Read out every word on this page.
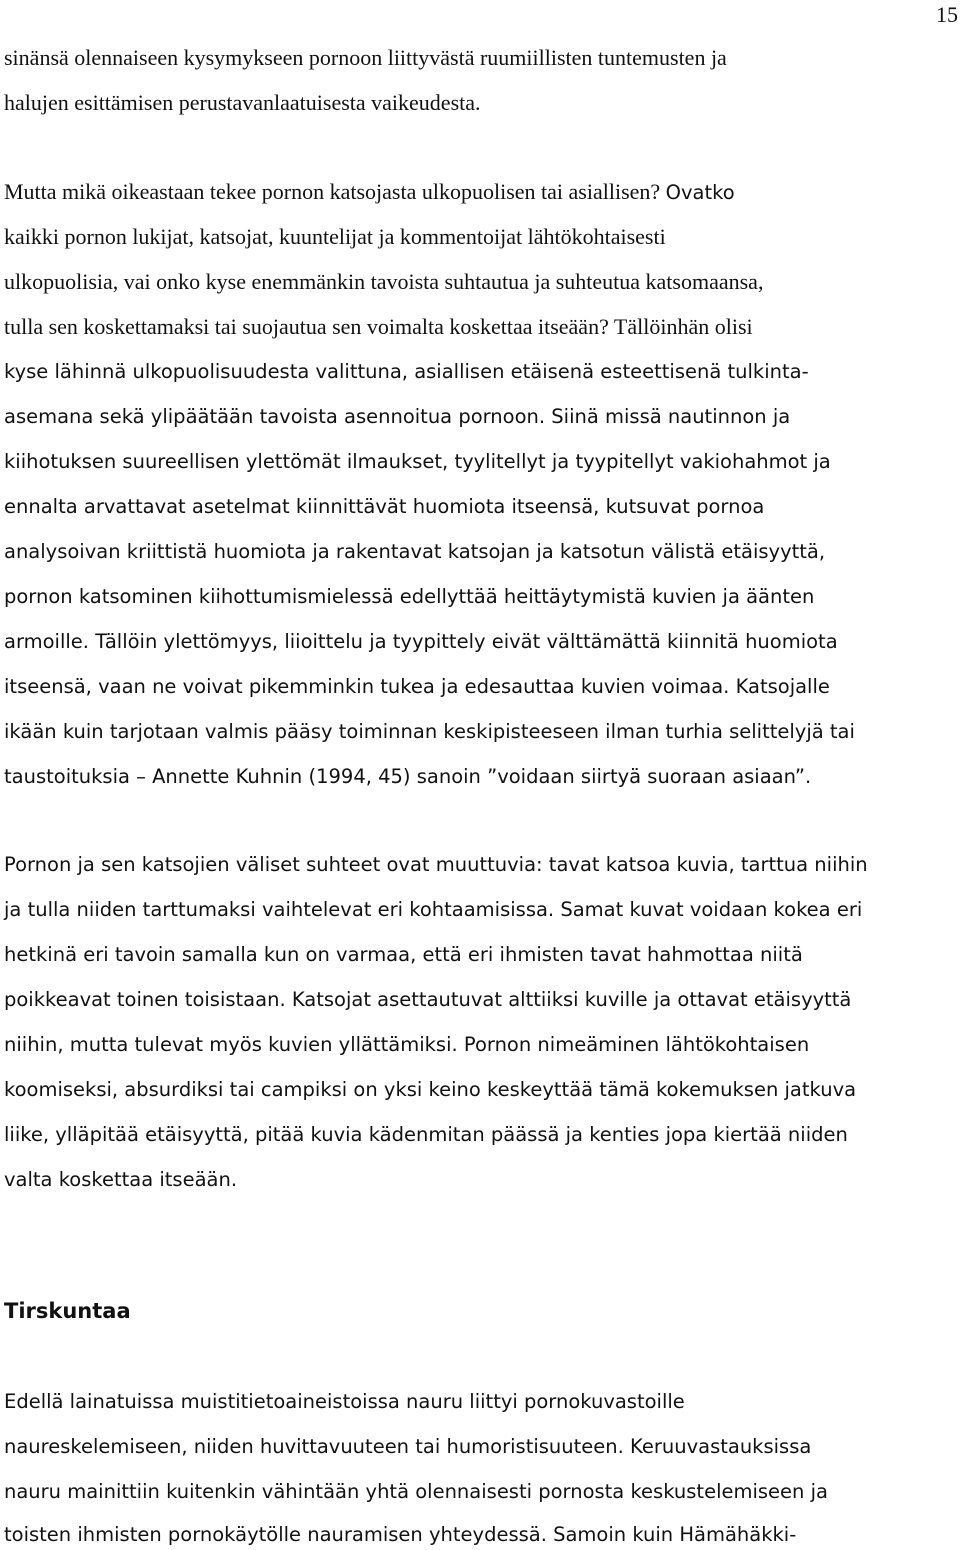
15
sinänsä olennaiseen kysymykseen pornoon liittyvästä ruumiillisten tuntemusten ja
halujen esittämisen perustavanlaatuisesta vaikeudesta.
Mutta mikä oikeastaan tekee pornon katsojasta ulkopuolisen tai asiallisen? Ovatko
kaikki pornon lukijat, katsojat, kuuntelijat ja kommentoijat lähtökohtaisesti
ulkopuolisia, vai onko kyse enemmänkin tavoista suhtautua ja suhteutua katsomaansa,
tulla sen koskettamaksi tai suojautua sen voimalta koskettaa itseään? Tällöinhän olisi
kyse lähinnä ulkopuolisuudesta valittuna, asiallisen etäisenä esteettisenä tulkinta-
asemana sekä ylipäätään tavoista asennoitua pornoon. Siinä missä nautinnon ja
kiihotuksen suureellisen ylettömät ilmaukset, tyylitellyt ja tyypitellyt vakiohahmot ja
ennalta arvattavat asetelmat kiinnittävät huomiota itseensä, kutsuvat pornoa
analysoivan kriittistä huomiota ja rakentavat katsojan ja katsotun välistä etäisyyttä,
pornon katsominen kiihottumismielessä edellyttää heittäytymistä kuvien ja äänten
armoille. Tällöin ylettömyys, liioittelu ja tyypittely eivät välttämättä kiinnitä huomiota
itseensä, vaan ne voivat pikemminkin tukea ja edesauttaa kuvien voimaa. Katsojalle
ikään kuin tarjotaan valmis pääsy toiminnan keskipisteeseen ilman turhia selittelyjä tai
taustoituksia – Annette Kuhnin (1994, 45) sanoin ”voidaan siirtyä suoraan asiaan”.
Pornon ja sen katsojien väliset suhteet ovat muuttuvia: tavat katsoa kuvia, tarttua niihin
ja tulla niiden tarttumaksi vaihtelevat eri kohtaamisissa. Samat kuvat voidaan kokea eri
hetkinä eri tavoin samalla kun on varmaa, että eri ihmisten tavat hahmottaa niitä
poikkeavat toinen toisistaan. Katsojat asettautuvat alttiiksi kuville ja ottavat etäisyyttä
niihin, mutta tulevat myös kuvien yllättämiksi. Pornon nimeäminen lähtökohtaisen
koomiseksi, absurdiksi tai campiksi on yksi keino keskeyttää tämä kokemuksen jatkuva
liike, ylläpitää etäisyyttä, pitää kuvia kädenmitan päässä ja kenties jopa kiertää niiden
valta koskettaa itseään.
Tirskuntaa
Edellä lainatuissa muistitietoaineistoissa nauru liittyi pornokuvastoille
naureskelemiseen, niiden huvittavuuteen tai humoristisuuteen. Keruuvastauksissa
nauru mainittiin kuitenkin vähintään yhtä olennaisesti pornosta keskustelemiseen ja
toisten ihmisten pornokäytölle nauramisen yhteydessä. Samoin kuin Hämähäkki-
